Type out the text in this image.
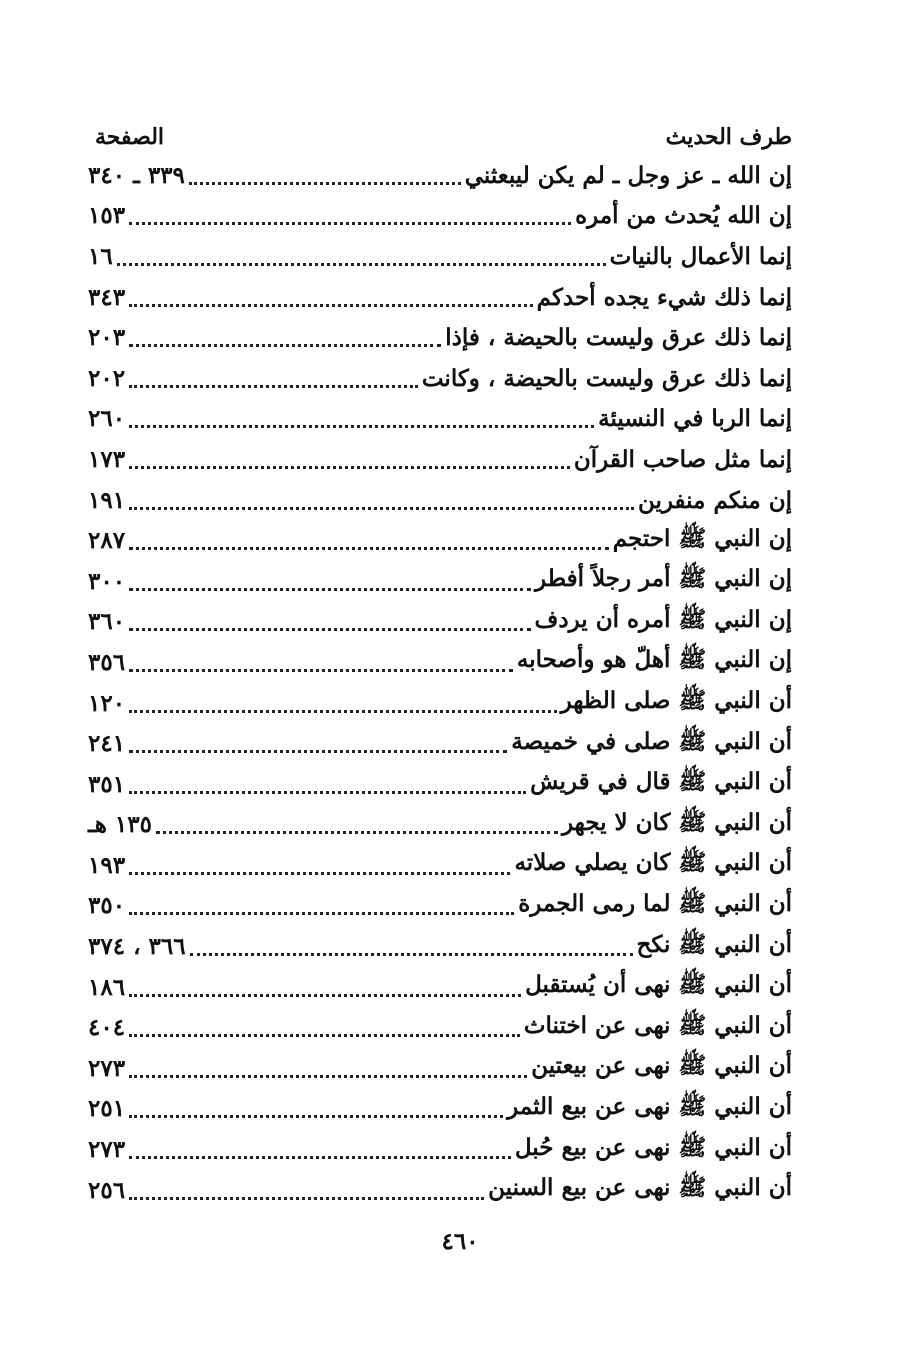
طرف الحديث
الصفحة
إن الله ـ عز وجل ـ لم يكن ليبعثني
٣٣٩ ـ ٣٤٠
إن الله يُحدث من أمره
١٥٣
إنما الأعمال بالنيات
١٦
إنما ذلك شيء يجده أحدكم
٣٤٣
إنما ذلك عرق وليست بالحيضة ، فإذا
٢٠٣
إنما ذلك عرق وليست بالحيضة ، وكانت
٢٠٢
إنما الربا في النسيئة
٢٦٠
إنما مثل صاحب القرآن
١٧٣
إن منكم منفرين
١٩١
إن النبي ﷺ احتجم
٢٨٧
إن النبي ﷺ أمر رجلاً أفطر
٣٠٠
إن النبي ﷺ أمره أن يردف
٣٦٠
إن النبي ﷺ أهلّ هو وأصحابه
٣٥٦
أن النبي ﷺ صلى الظهر
١٢٠
أن النبي ﷺ صلى في خميصة
٢٤١
أن النبي ﷺ قال في قريش
٣٥١
أن النبي ﷺ كان لا يجهر
١٣٥ هـ
أن النبي ﷺ كان يصلي صلاته
١٩٣
أن النبي ﷺ لما رمى الجمرة
٣٥٠
أن النبي ﷺ نكح
٣٦٦ ، ٣٧٤
أن النبي ﷺ نهى أن يُستقبل
١٨٦
أن النبي ﷺ نهى عن اختناث
٤٠٤
أن النبي ﷺ نهى عن بيعتين
٢٧٣
أن النبي ﷺ نهى عن بيع الثمر
٢٥١
أن النبي ﷺ نهى عن بيع حُبل
٢٧٣
أن النبي ﷺ نهى عن بيع السنين
٢٥٦
٤٦٠
